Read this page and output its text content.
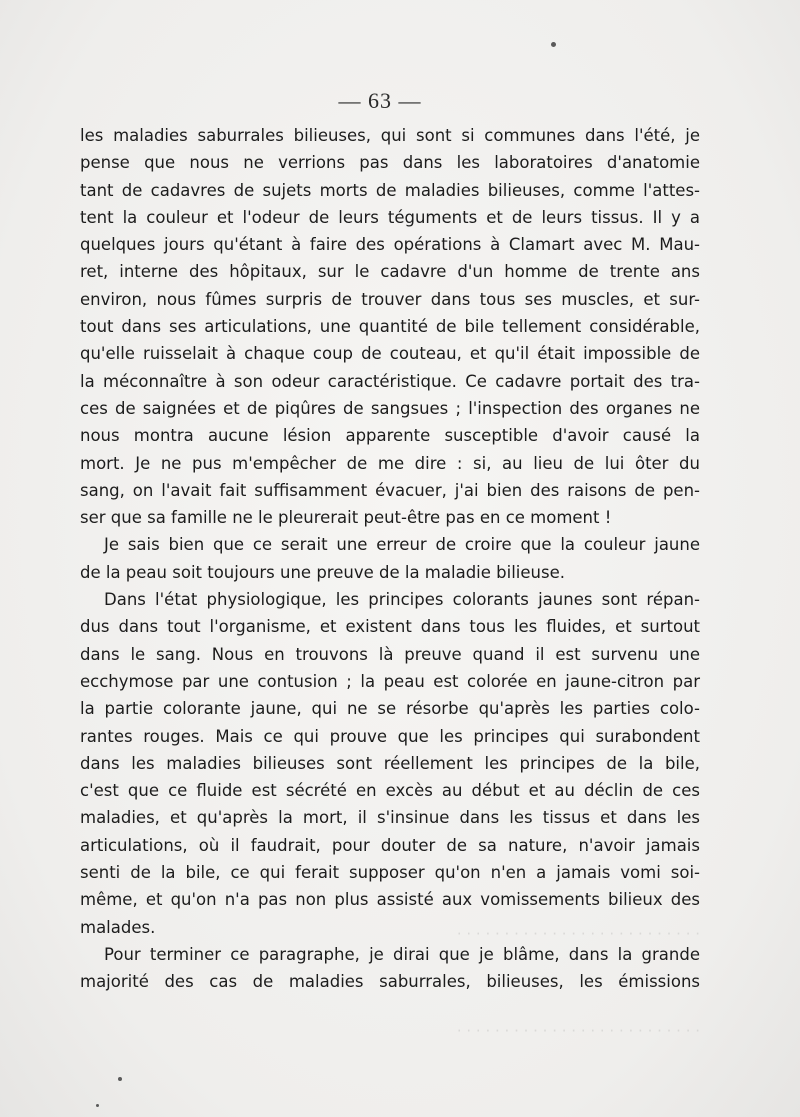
· · · · · · · · · · · · · · · · · · · · · · · · · ·
· · · · · · · · · · · · · · · · · · · · · · · · · ·
— 63 —
les maladies saburrales bilieuses, qui sont si communes dans l'été, je
pense que nous ne verrions pas dans les laboratoires d'anatomie
tant de cadavres de sujets morts de maladies bilieuses, comme l'attes-
tent la couleur et l'odeur de leurs téguments et de leurs tissus. Il y a
quelques jours qu'étant à faire des opérations à Clamart avec M. Mau-
ret, interne des hôpitaux, sur le cadavre d'un homme de trente ans
environ, nous fûmes surpris de trouver dans tous ses muscles, et sur-
tout dans ses articulations, une quantité de bile tellement considérable,
qu'elle ruisselait à chaque coup de couteau, et qu'il était impossible de
la méconnaître à son odeur caractéristique. Ce cadavre portait des tra-
ces de saignées et de piqûres de sangsues ; l'inspection des organes ne
nous montra aucune lésion apparente susceptible d'avoir causé la
mort. Je ne pus m'empêcher de me dire : si, au lieu de lui ôter du
sang, on l'avait fait suffisamment évacuer, j'ai bien des raisons de pen-
ser que sa famille ne le pleurerait peut-être pas en ce moment !
Je sais bien que ce serait une erreur de croire que la couleur jaune
de la peau soit toujours une preuve de la maladie bilieuse.
Dans l'état physiologique, les principes colorants jaunes sont répan-
dus dans tout l'organisme, et existent dans tous les fluides, et surtout
dans le sang. Nous en trouvons là preuve quand il est survenu une
ecchymose par une contusion ; la peau est colorée en jaune-citron par
la partie colorante jaune, qui ne se résorbe qu'après les parties colo-
rantes rouges. Mais ce qui prouve que les principes qui surabondent
dans les maladies bilieuses sont réellement les principes de la bile,
c'est que ce fluide est sécrété en excès au début et au déclin de ces
maladies, et qu'après la mort, il s'insinue dans les tissus et dans les
articulations, où il faudrait, pour douter de sa nature, n'avoir jamais
senti de la bile, ce qui ferait supposer qu'on n'en a jamais vomi soi-
même, et qu'on n'a pas non plus assisté aux vomissements bilieux des
malades.
Pour terminer ce paragraphe, je dirai que je blâme, dans la grande
majorité des cas de maladies saburrales, bilieuses, les émissions
